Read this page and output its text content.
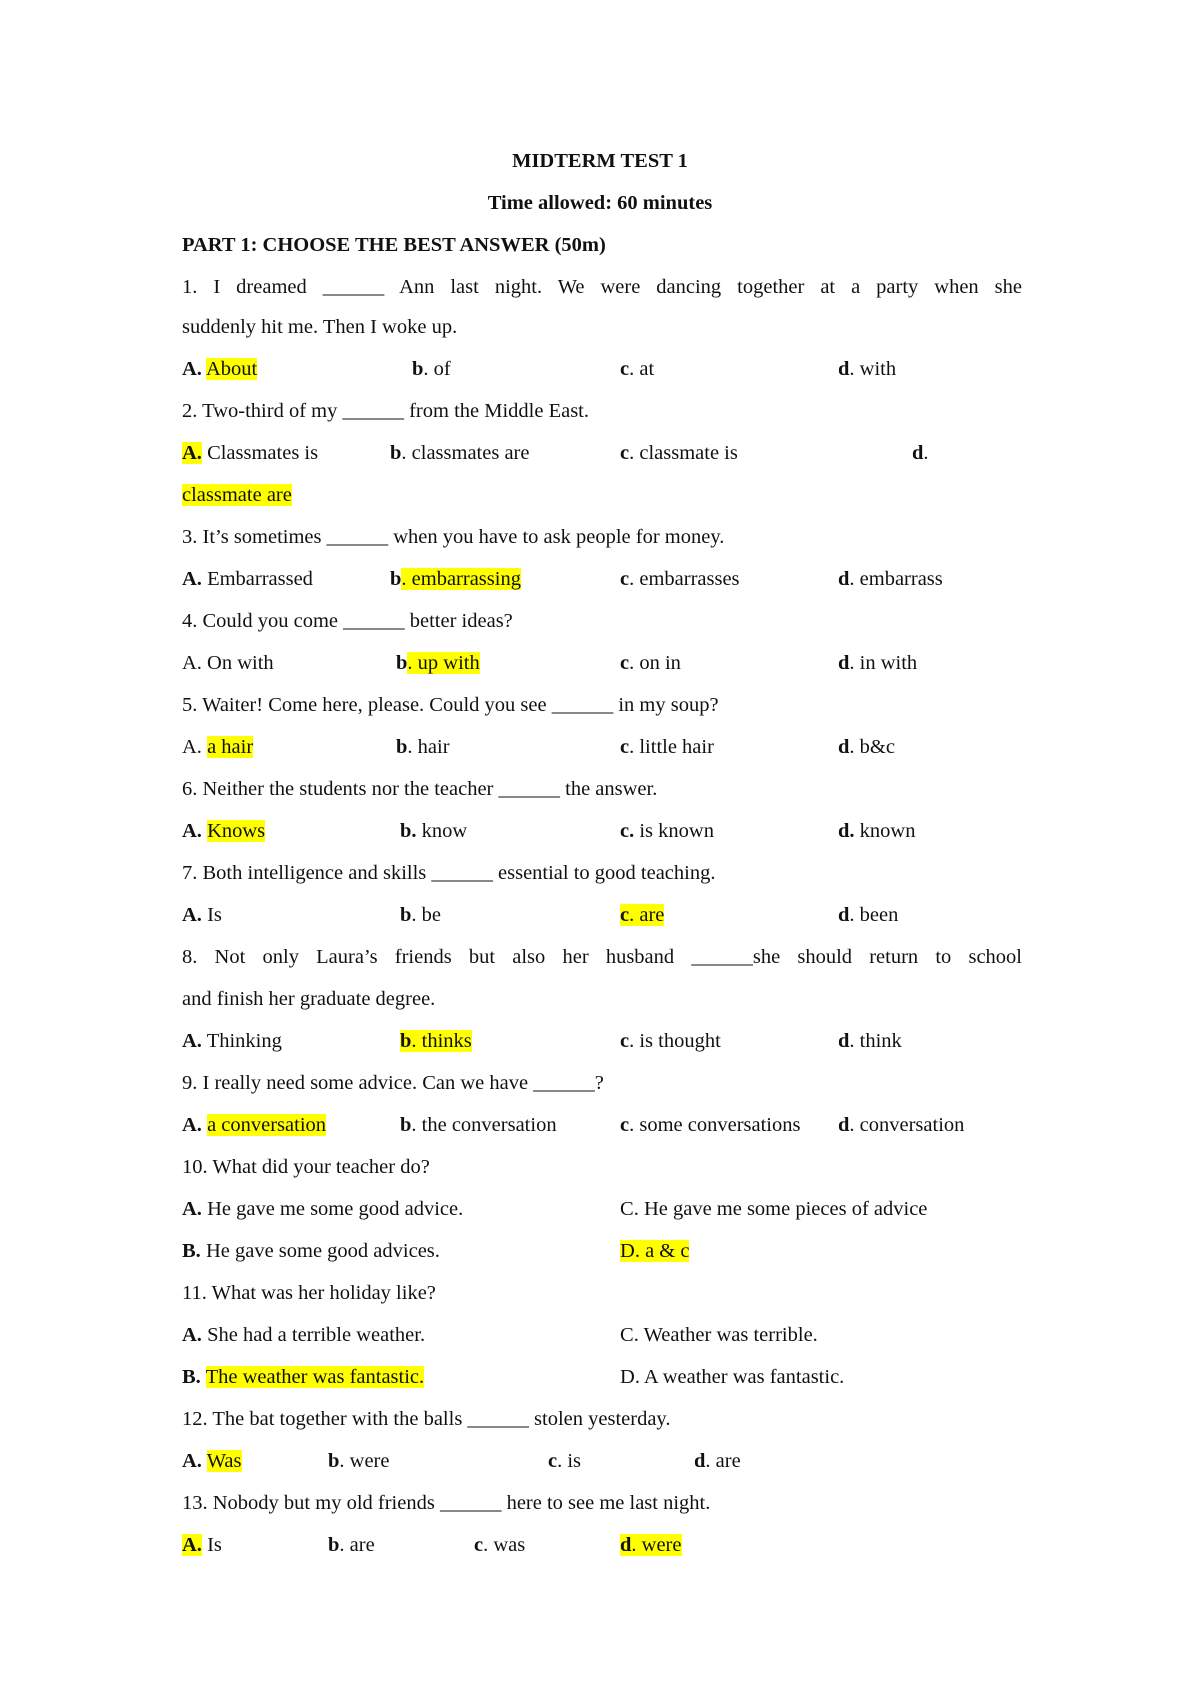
MIDTERM TEST 1
Time allowed: 60 minutes
PART 1: CHOOSE THE BEST ANSWER (50m)
1. I dreamed ______ Ann last night. We were dancing together at a party when she
suddenly hit me. Then I woke up.
A. About	b. of	c. at	d. with
2. Two-third of my ______ from the Middle East.
A. Classmates is	b. classmates are	c. classmate is	d.
classmate are
3. It’s sometimes ______ when you have to ask people for money.
A. Embarrassed	b. embarrassing	c. embarrasses	d. embarrass
4. Could you come ______ better ideas?
A. On with	b. up with	c. on in	d. in with
5. Waiter! Come here, please. Could you see ______ in my soup?
A. a hair	b. hair	c. little hair	d. b&c
6. Neither the students nor the teacher ______ the answer.
A. Knows	b. know	c. is known	d. known
7. Both intelligence and skills ______ essential to good teaching.
A. Is	b. be	c. are	d. been
8. Not only Laura’s friends but also her husband ______she should return to school
and finish her graduate degree.
A. Thinking	b. thinks	c. is thought	d. think
9. I really need some advice. Can we have ______?
A. a conversation	b. the conversation	c. some conversations d. conversation
10. What did your teacher do?
A. He gave me some good advice.	C. He gave me some pieces of advice
B. He gave some good advices.	D. a & c
11. What was her holiday like?
A. She had a terrible weather.	C. Weather was terrible.
B. The weather was fantastic.	D. A weather was fantastic.
12. The bat together with the balls ______ stolen yesterday.
A. Was	b. were	c. is	d. are
13. Nobody but my old friends ______ here to see me last night.
A. Is	b. are	c. was	d. were
